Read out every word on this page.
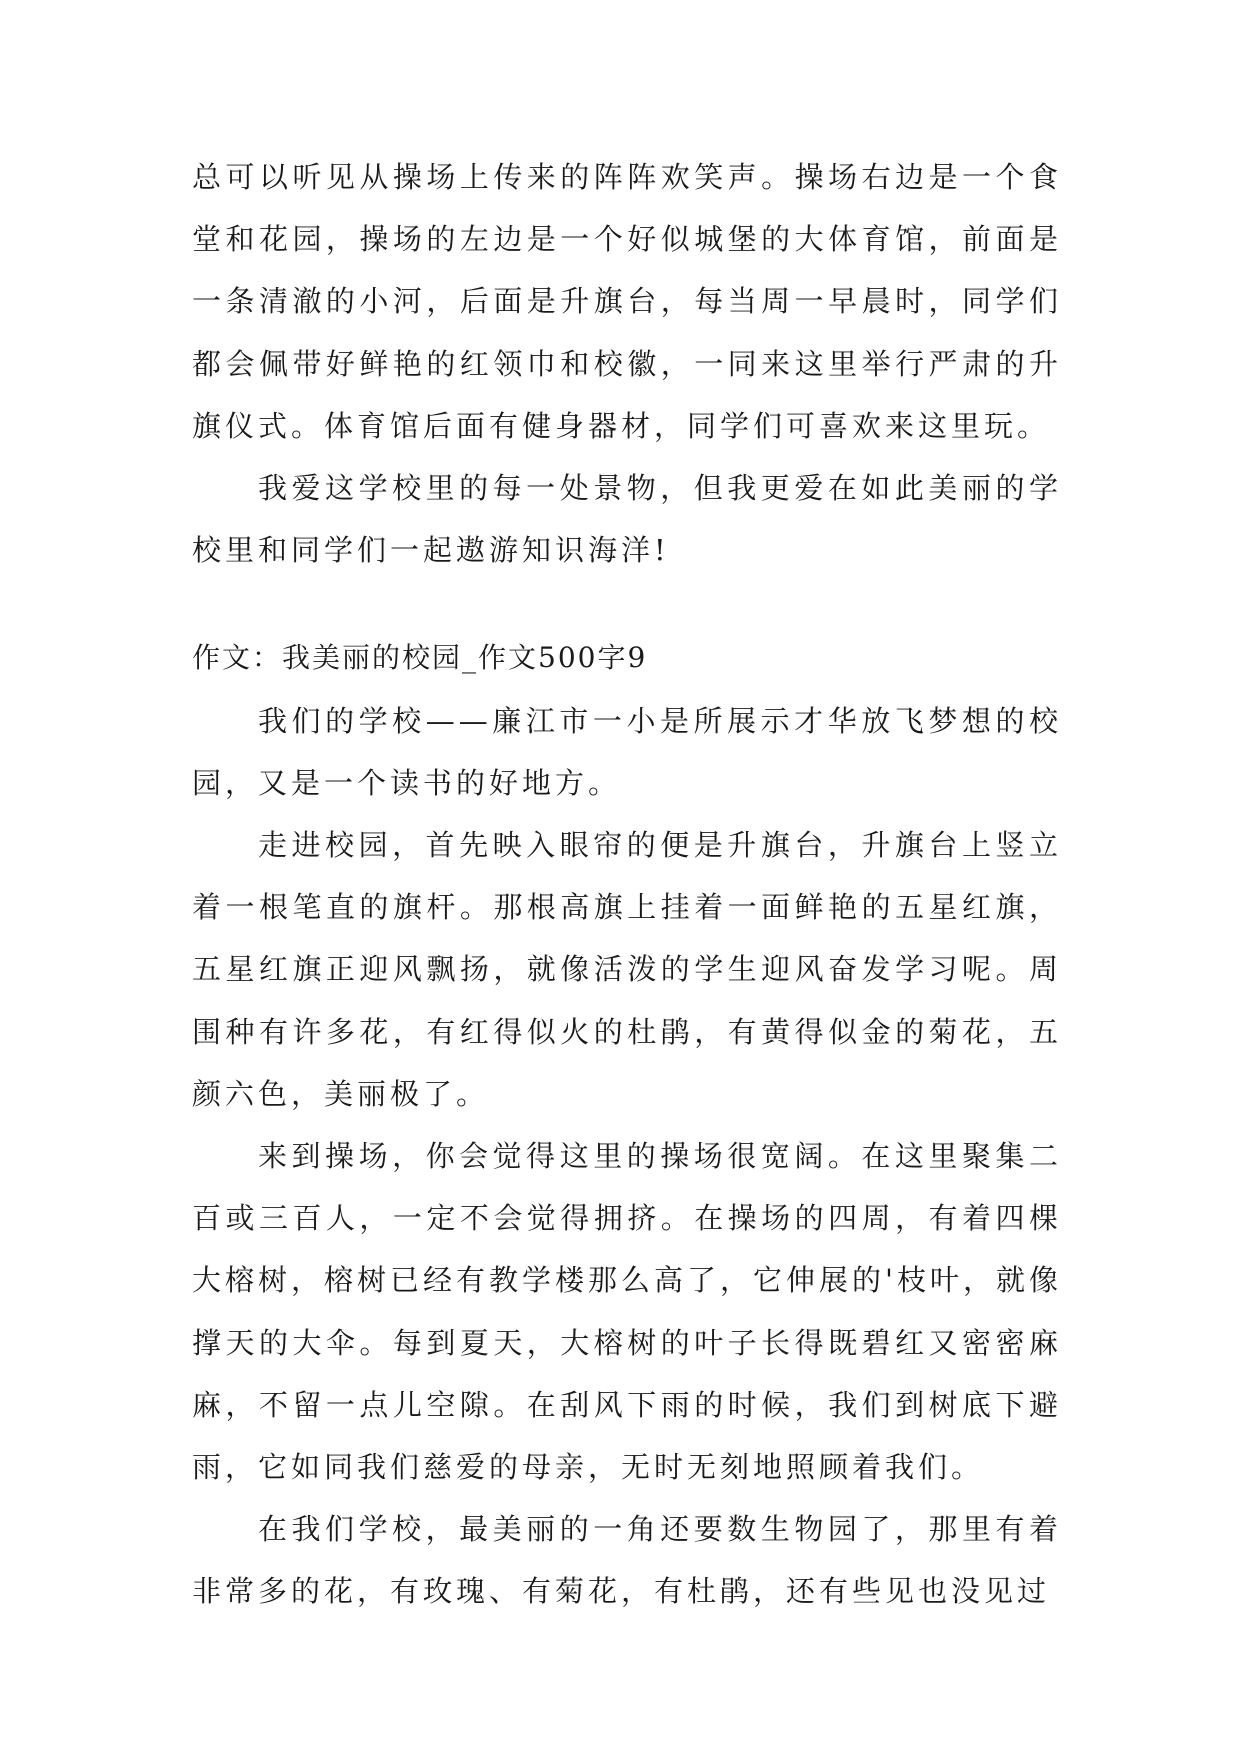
总可以听见从操场上传来的阵阵欢笑声。操场右边是一个食堂和花园，操场的左边是一个好似城堡的大体育馆，前面是一条清澈的小河，后面是升旗台，每当周一早晨时，同学们都会佩带好鲜艳的红领巾和校徽，一同来这里举行严肃的升旗仪式。体育馆后面有健身器材，同学们可喜欢来这里玩。

我爱这学校里的每一处景物，但我更爱在如此美丽的学校里和同学们一起遨游知识海洋!

作文：我美丽的校园_作文500字9

我们的学校——廉江市一小是所展示才华放飞梦想的校园，又是一个读书的好地方。

走进校园，首先映入眼帘的便是升旗台，升旗台上竖立着一根笔直的旗杆。那根高旗上挂着一面鲜艳的五星红旗，五星红旗正迎风飘扬，就像活泼的学生迎风奋发学习呢。周围种有许多花，有红得似火的杜鹃，有黄得似金的菊花，五颜六色，美丽极了。

来到操场，你会觉得这里的操场很宽阔。在这里聚集二百或三百人，一定不会觉得拥挤。在操场的四周，有着四棵大榕树，榕树已经有教学楼那么高了，它伸展的'枝叶，就像撑天的大伞。每到夏天，大榕树的叶子长得既碧红又密密麻麻，不留一点儿空隙。在刮风下雨的时候，我们到树底下避雨，它如同我们慈爱的母亲，无时无刻地照顾着我们。

在我们学校，最美丽的一角还要数生物园了，那里有着非常多的花，有玫瑰、有菊花，有杜鹃，还有些见也没见过
